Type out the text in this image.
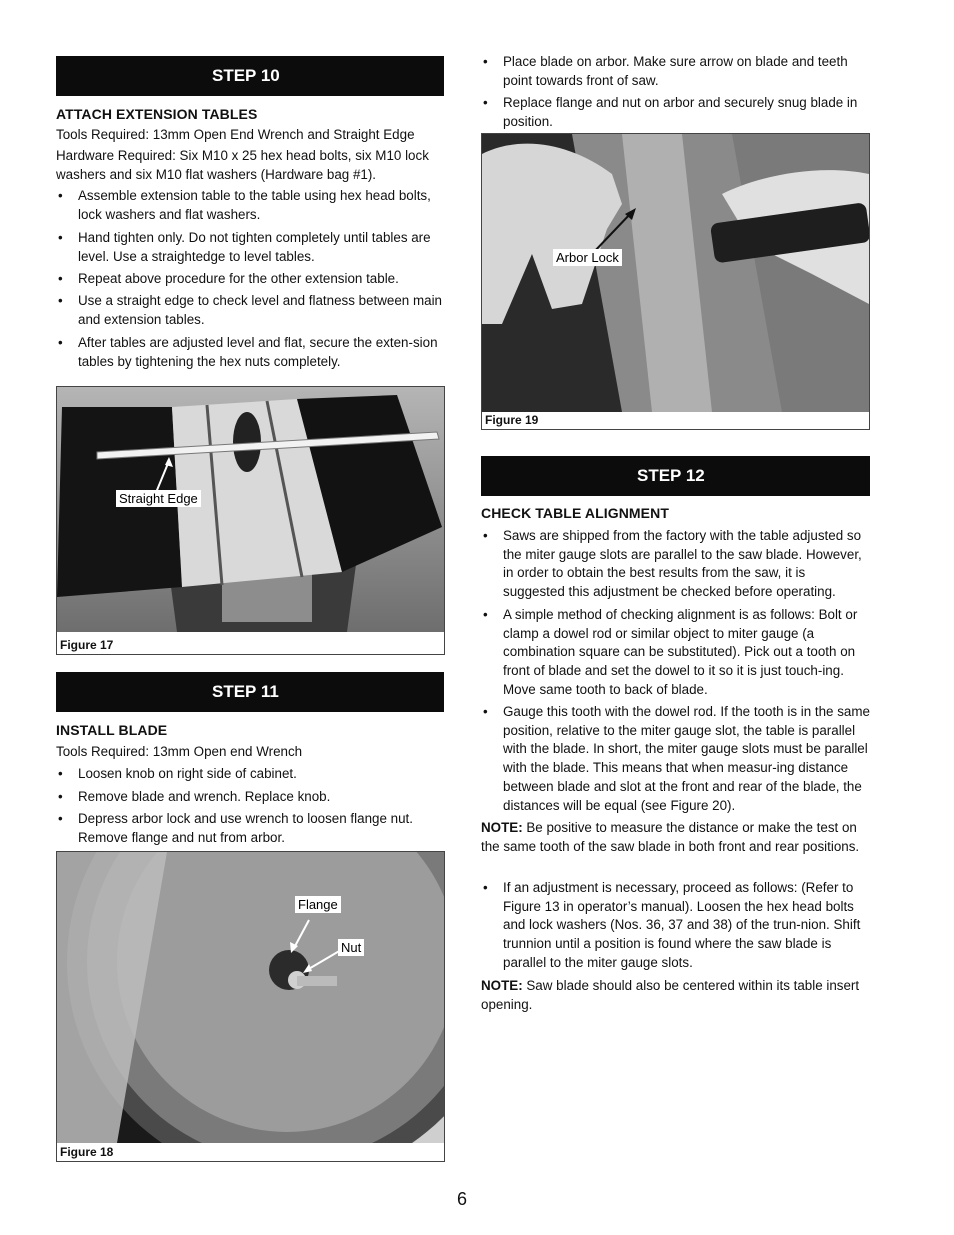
STEP 10
ATTACH EXTENSION TABLES
Tools Required: 13mm Open End Wrench and Straight Edge
Hardware Required: Six M10 x 25 hex head bolts, six M10 lock washers and six M10 flat washers (Hardware bag #1).
• Assemble extension table to the table using hex head bolts, lock washers and flat washers.
• Hand tighten only. Do not tighten completely until tables are level. Use a straightedge to level tables.
• Repeat above procedure for the other extension table.
• Use a straight edge to check level and flatness between main and extension tables.
• After tables are adjusted level and flat, secure the exten-sion tables by tightening the hex nuts completely.
Straight Edge
Figure 17
STEP 11
INSTALL BLADE
Tools Required: 13mm Open end Wrench
• Loosen knob on right side of cabinet.
• Remove blade and wrench. Replace knob.
• Depress arbor lock and use wrench to loosen flange nut. Remove flange and nut from arbor.
Flange
Nut
Figure 18
• Place blade on arbor. Make sure arrow on blade and teeth point towards front of saw.
• Replace flange and nut on arbor and securely snug blade in position.
Arbor Lock
Figure 19
STEP 12
CHECK TABLE ALIGNMENT
• Saws are shipped from the factory with the table adjusted so the miter gauge slots are parallel to the saw blade. However, in order to obtain the best results from the saw, it is suggested this adjustment be checked before operating.
• A simple method of checking alignment is as follows: Bolt or clamp a dowel rod or similar object to miter gauge (a combination square can be substituted). Pick out a tooth on front of blade and set the dowel to it so it is just touch-ing. Move same tooth to back of blade.
• Gauge this tooth with the dowel rod. If the tooth is in the same position, relative to the miter gauge slot, the table is parallel with the blade. In short, the miter gauge slots must be parallel with the blade. This means that when measur-ing distance between blade and slot at the front and rear of the blade, the distances will be equal (see Figure 20).
NOTE: Be positive to measure the distance or make the test on the same tooth of the saw blade in both front and rear positions.
• If an adjustment is necessary, proceed as follows: (Refer to Figure 13 in operator’s manual). Loosen the hex head bolts and lock washers (Nos. 36, 37 and 38) of the trun-nion. Shift trunnion until a position is found where the saw blade is parallel to the miter gauge slots.
NOTE: Saw blade should also be centered within its table insert opening.
6
